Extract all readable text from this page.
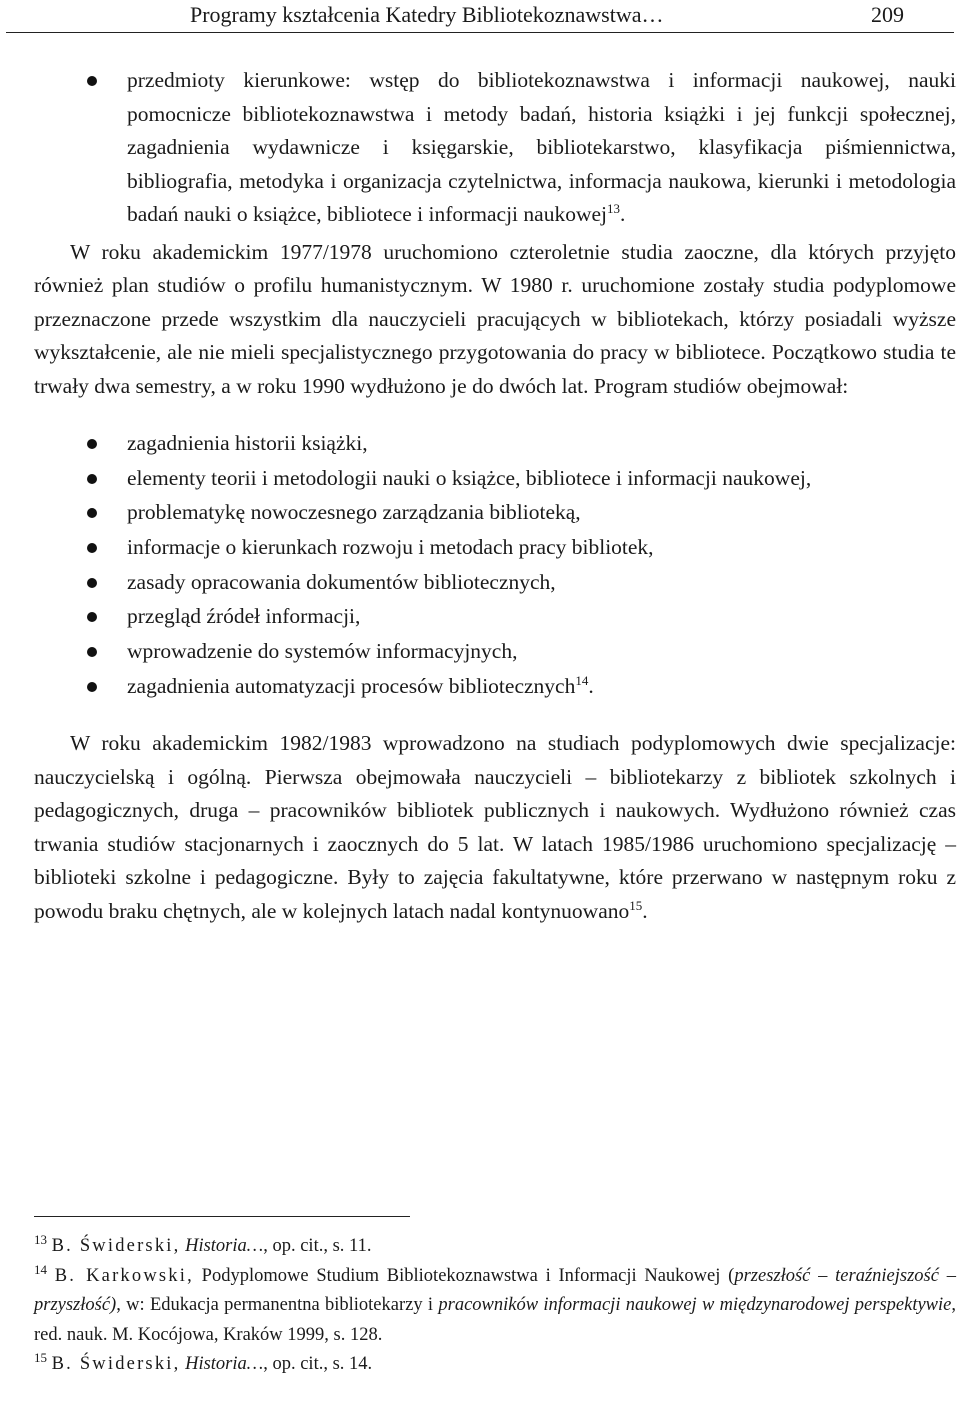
Programy kształcenia Katedry Bibliotekoznawstwa…	209
przedmioty kierunkowe: wstęp do bibliotekoznawstwa i informacji naukowej, nauki pomocnicze bibliotekoznawstwa i metody badań, historia książki i jej funkcji społecznej, zagadnienia wydawnicze i księgarskie, bibliotekarstwo, klasyfikacja piśmiennictwa, bibliografia, metodyka i organizacja czytelnictwa, informacja naukowa, kierunki i metodologia badań nauki o książce, bibliotece i informacji naukowej$^{13}$.

W roku akademickim 1977/1978 uruchomiono czteroletnie studia zaoczne, dla których przyjęto również plan studiów o profilu humanistycznym. W 1980 r. uruchomione zostały studia podyplomowe przeznaczone przede wszystkim dla nauczycieli pracujących w bibliotekach, którzy posiadali wyższe wykształcenie, ale nie mieli specjalistycznego przygotowania do pracy w bibliotece. Początkowo studia te trwały dwa semestry, a w roku 1990 wydłużono je do dwóch lat. Program studiów obejmował:

zagadnienia historii książki,
elementy teorii i metodologii nauki o książce, bibliotece i informacji naukowej,
problematykę nowoczesnego zarządzania biblioteką,
informacje o kierunkach rozwoju i metodach pracy bibliotek,
zasady opracowania dokumentów bibliotecznych,
przegląd źródeł informacji,
wprowadzenie do systemów informacyjnych,
zagadnienia automatyzacji procesów bibliotecznych$^{14}$.

W roku akademickim 1982/1983 wprowadzono na studiach podyplomowych dwie specjalizacje: nauczycielską i ogólną. Pierwsza obejmowała nauczycieli – bibliotekarzy z bibliotek szkolnych i pedagogicznych, druga – pracowników bibliotek publicznych i naukowych. Wydłużono również czas trwania studiów stacjonarnych i zaocznych do 5 lat. W latach 1985/1986 uruchomiono specjalizację – biblioteki szkolne i pedagogiczne. Były to zajęcia fakultatywne, które przerwano w następnym roku z powodu braku chętnych, ale w kolejnych latach nadal kontynuowano$^{15}$.

$^{13}$ B. Świderski, Historia…, op. cit., s. 11.

$^{14}$ B. Karkowski, Podyplomowe Studium Bibliotekoznawstwa i Informacji Naukowej (przeszłość – teraźniejszość – przyszłość), w: Edukacja permanentna bibliotekarzy i pracowników informacji naukowej w międzynarodowej perspektywie, red. nauk. M. Kocójowa, Kraków 1999, s. 128.

$^{15}$ B. Świderski, Historia…, op. cit., s. 14.
